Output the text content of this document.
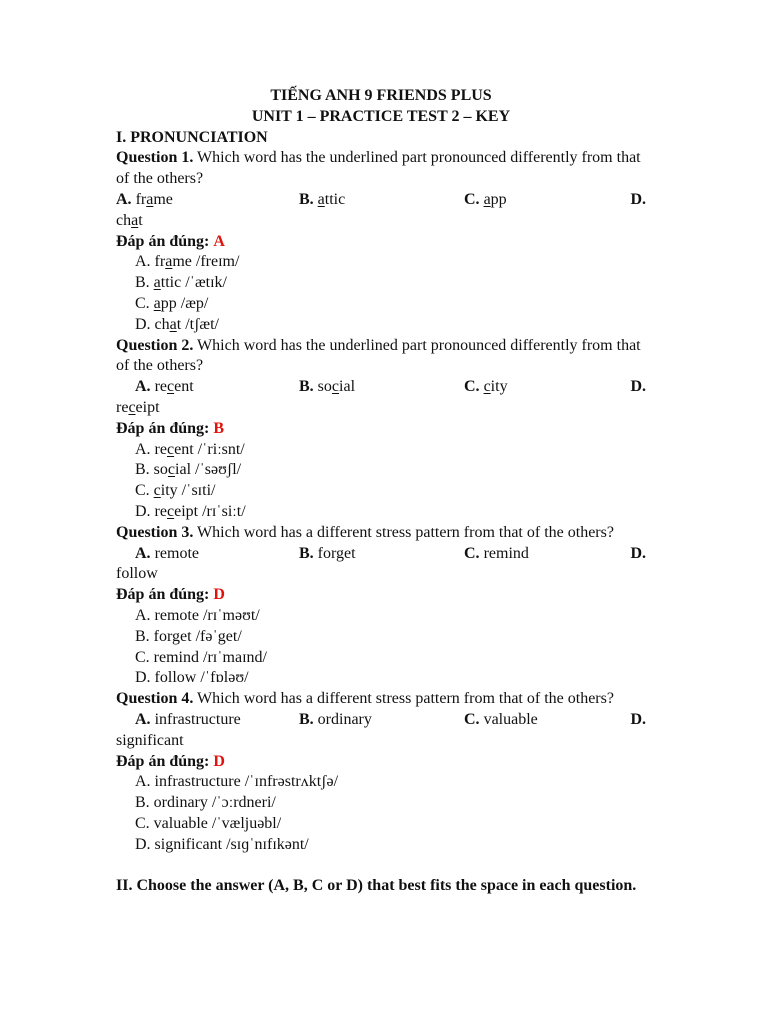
TIẾNG ANH 9 FRIENDS PLUS
UNIT 1 – PRACTICE TEST 2 – KEY
I. PRONUNCIATION
Question 1. Which word has the underlined part pronounced differently from that of the others?
A. frame	B. attic	C. app	D.
chat
Đáp án đúng: A
A. frame /freɪm/
B. attic /ˈætɪk/
C. app /æp/
D. chat /tʃæt/
Question 2. Which word has the underlined part pronounced differently from that of the others?
A. recent	B. social	C. city	D.
receipt
Đáp án đúng: B
A. recent /ˈriːsnt/
B. social /ˈsəʊʃl/
C. city /ˈsɪti/
D. receipt /rɪˈsiːt/
Question 3. Which word has a different stress pattern from that of the others?
A. remote	B. forget	C. remind	D.
follow
Đáp án đúng: D
A. remote /rɪˈməʊt/
B. forget /fəˈget/
C. remind /rɪˈmaɪnd/
D. follow /ˈfɒləʊ/
Question 4. Which word has a different stress pattern from that of the others?
A. infrastructure	B. ordinary	C. valuable	D.
significant
Đáp án đúng: D
A. infrastructure /ˈɪnfrəstrʌktʃə/
B. ordinary /ˈɔːrdneri/
C. valuable /ˈvæljuəbl/
D. significant /sɪɡˈnɪfɪkənt/
II. Choose the answer (A, B, C or D) that best fits the space in each question.
